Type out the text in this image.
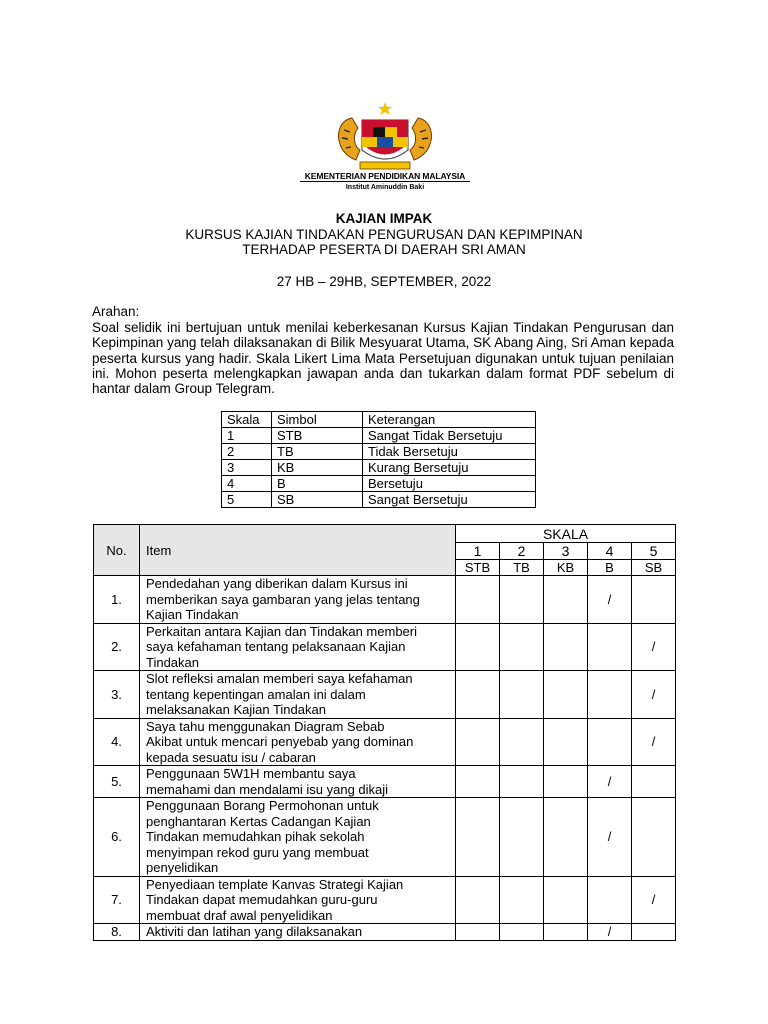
KEMENTERIAN PENDIDIKAN MALAYSIA
Institut Aminuddin Baki
KAJIAN IMPAK
KURSUS KAJIAN TINDAKAN PENGURUSAN DAN KEPIMPINAN
TERHADAP PESERTA DI DAERAH SRI AMAN
27 HB – 29HB, SEPTEMBER, 2022
Arahan:
Soal selidik ini bertujuan untuk menilai keberkesanan Kursus Kajian Tindakan Pengurusan dan Kepimpinan yang telah dilaksanakan di Bilik Mesyuarat Utama, SK Abang Aing, Sri Aman kepada peserta kursus yang hadir. Skala Likert Lima Mata Persetujuan digunakan untuk tujuan penilaian ini. Mohon peserta melengkapkan jawapan anda dan tukarkan dalam format PDF sebelum di hantar dalam Group Telegram.
Skala	Simbol	Keterangan
1	STB	Sangat Tidak Bersetuju
2	TB	Tidak Bersetuju
3	KB	Kurang Bersetuju
4	B	Bersetuju
5	SB	Sangat Bersetuju
No.	Item	SKALA				
		1	2	3	4	5
		STB	TB	KB	B	SB
1.	Pendedahan yang diberikan dalam Kursus ini
memberikan saya gambaran yang jelas tentang
Kajian Tindakan				/	
2.	Perkaitan antara Kajian dan Tindakan memberi
saya kefahaman tentang pelaksanaan Kajian
Tindakan					/
3.	Slot refleksi amalan memberi saya kefahaman
tentang kepentingan amalan ini dalam
melaksanakan Kajian Tindakan					/
4.	Saya tahu menggunakan Diagram Sebab
Akibat untuk mencari penyebab yang dominan
kepada sesuatu isu / cabaran					/
5.	Penggunaan 5W1H membantu saya
memahami dan mendalami isu yang dikaji				/	
6.	Penggunaan Borang Permohonan untuk
penghantaran Kertas Cadangan Kajian
Tindakan memudahkan pihak sekolah
menyimpan rekod guru yang membuat
penyelidikan				/	
7.	Penyediaan template Kanvas Strategi Kajian
Tindakan dapat memudahkan guru-guru
membuat draf awal penyelidikan					/
8.	Aktiviti dan latihan yang dilaksanakan				/	
